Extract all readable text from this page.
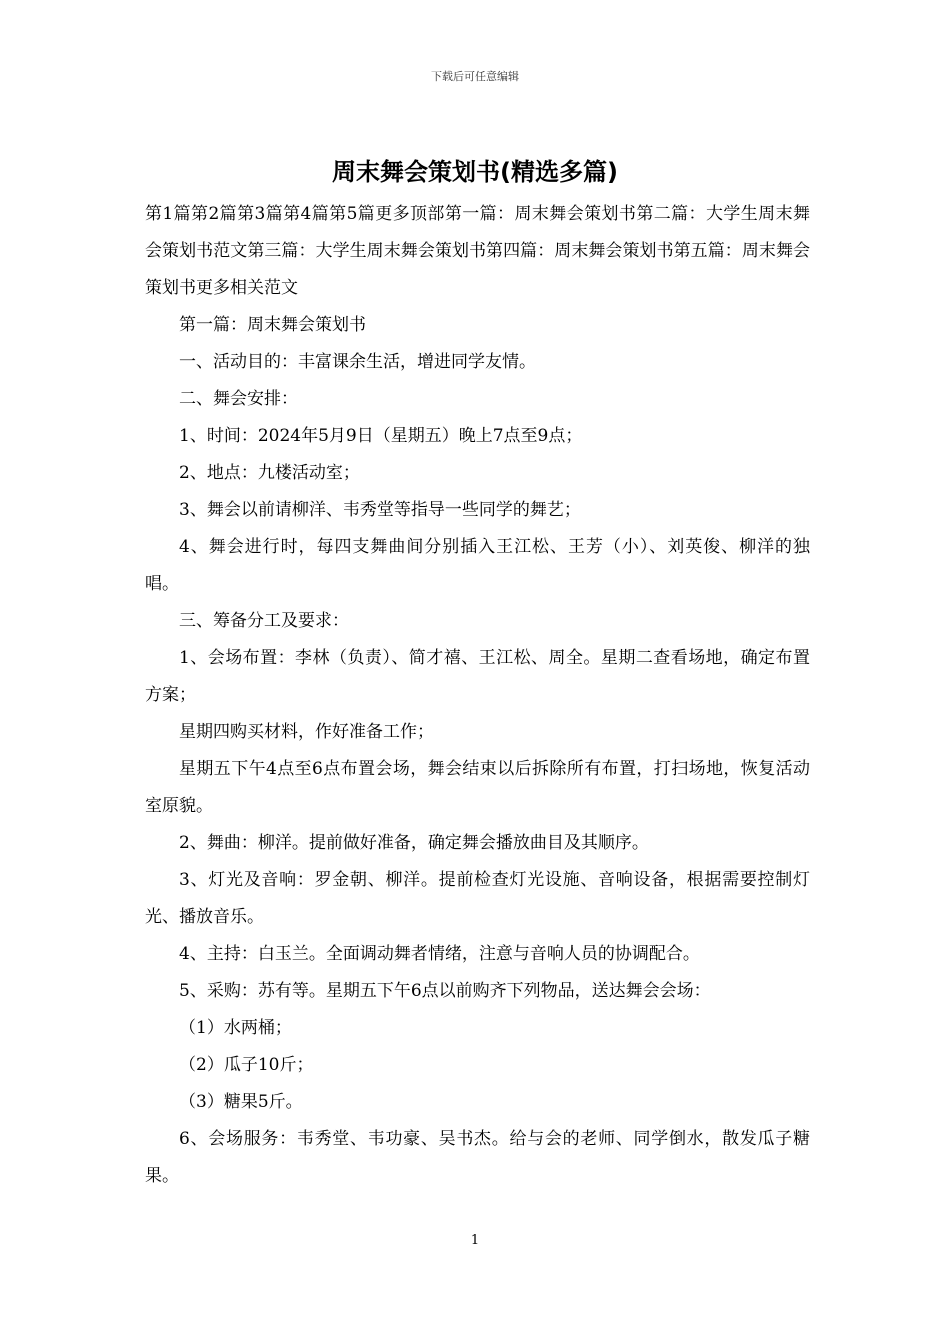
下载后可任意编辑
周末舞会策划书(精选多篇)

第1篇第2篇第3篇第4篇第5篇更多顶部第一篇：周末舞会策划书第二篇：大学生周末舞会策划书范文第三篇：大学生周末舞会策划书第四篇：周末舞会策划书第五篇：周末舞会策划书更多相关范文

第一篇：周末舞会策划书

一、活动目的：丰富课余生活，增进同学友情。

二、舞会安排：

1、时间：2024年5月9日（星期五）晚上7点至9点；

2、地点：九楼活动室；

3、舞会以前请柳洋、韦秀堂等指导一些同学的舞艺；

4、舞会进行时，每四支舞曲间分别插入王江松、王芳（小）、刘英俊、柳洋的独唱。

三、筹备分工及要求：

1、会场布置：李林（负责）、简才禧、王江松、周全。星期二查看场地，确定布置方案；

星期四购买材料，作好准备工作；

星期五下午4点至6点布置会场，舞会结束以后拆除所有布置，打扫场地，恢复活动室原貌。

2、舞曲：柳洋。提前做好准备，确定舞会播放曲目及其顺序。

3、灯光及音响：罗金朝、柳洋。提前检查灯光设施、音响设备，根据需要控制灯光、播放音乐。

4、主持：白玉兰。全面调动舞者情绪，注意与音响人员的协调配合。

5、采购：苏有等。星期五下午6点以前购齐下列物品，送达舞会会场：

（1）水两桶；

（2）瓜子10斤；

（3）糖果5斤。

6、会场服务：韦秀堂、韦功豪、吴书杰。给与会的老师、同学倒水，散发瓜子糖果。

1
